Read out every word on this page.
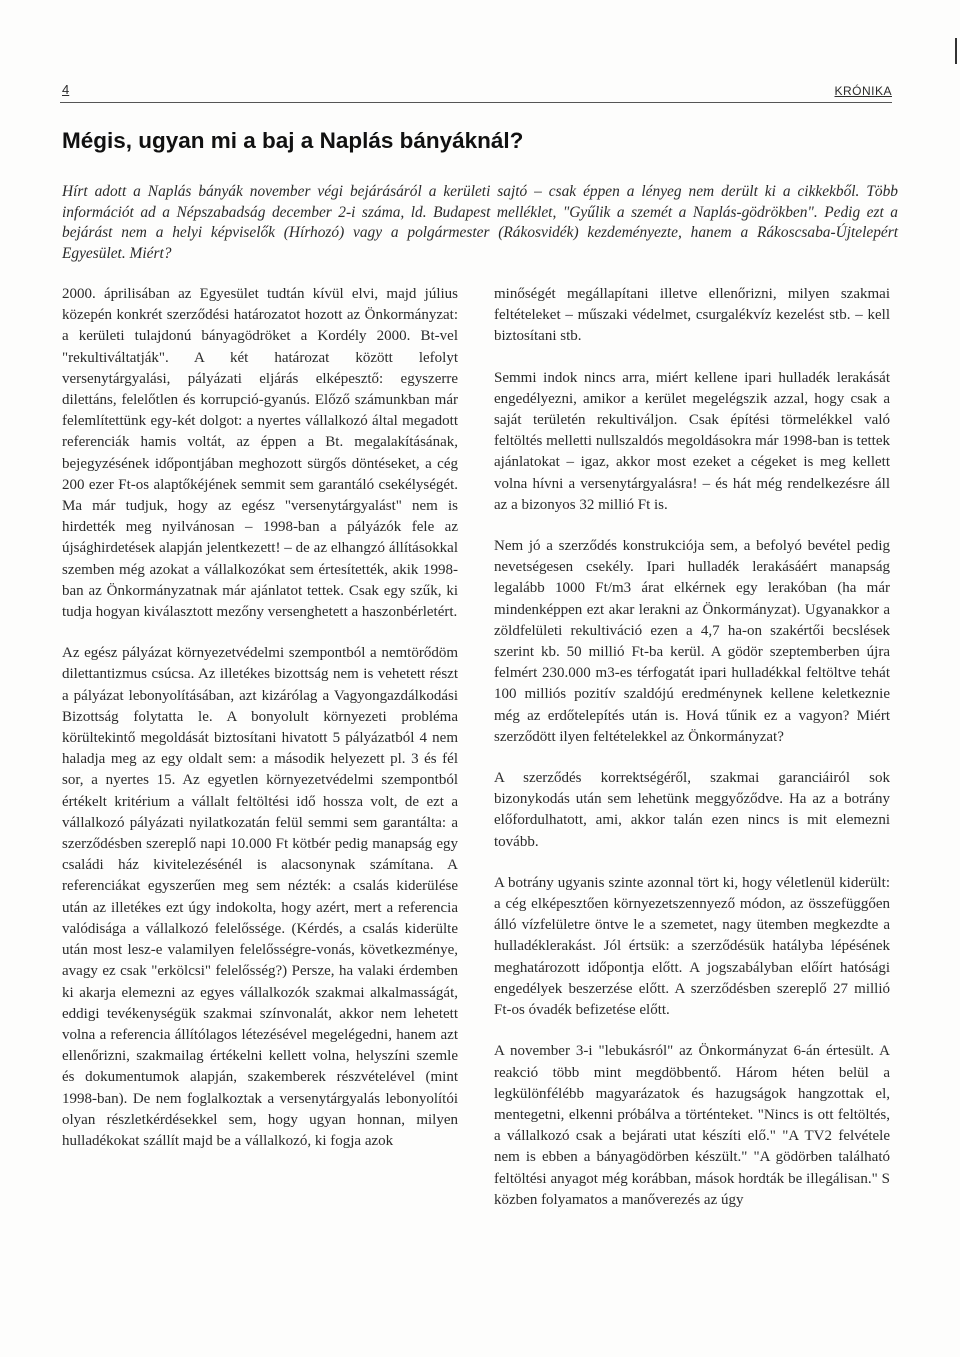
4	KRÓNIKA
Mégis, ugyan mi a baj a Naplás bányáknál?

Hírt adott a Naplás bányák november végi bejárásáról a kerületi sajtó – csak éppen a lényeg nem derült ki a cikkekből. Több információt ad a Népszabadság december 2-i száma, ld. Budapest melléklet, "Gyűlik a szemét a Naplás-gödrökben". Pedig ezt a bejárást nem a helyi képviselők (Hírhozó) vagy a polgármester (Rákosvidék) kezdeményezte, hanem a Rákoscsaba-Újtelepért Egyesület. Miért?

2000. áprilisában az Egyesület tudtán kívül elvi, majd július közepén konkrét szerződési határozatot hozott az Önkormányzat: a kerületi tulajdonú bányagödröket a Kordély 2000. Bt-vel "rekultiváltatják". A két határozat között lefolyt versenytárgyalási, pályázati eljárás elképesztő: egyszerre dilettáns, felelőtlen és korrupció-gyanús. Előző számunkban már felemlítettünk egy-két dolgot: a nyertes vállalkozó által megadott referenciák hamis voltát, az éppen a Bt. megalakításának, bejegyzésének időpontjában meghozott sürgős döntéseket, a cég 200 ezer Ft-os alaptőkéjének semmit sem garantáló csekélységét. Ma már tudjuk, hogy az egész "versenytárgyalást" nem is hirdették meg nyilvánosan – 1998-ban a pályázók fele az újsághirdetések alapján jelentkezett! – de az elhangzó állításokkal szemben még azokat a vállalkozókat sem értesítették, akik 1998-ban az Önkormányzatnak már ajánlatot tettek. Csak egy szűk, ki tudja hogyan kiválasztott mezőny versenghetett a haszonbérletért.

Az egész pályázat környezetvédelmi szempontból a nemtörődöm dilettantizmus csúcsa. Az illetékes bizottság nem is vehetett részt a pályázat lebonyolításában, azt kizárólag a Vagyongazdálkodási Bizottság folytatta le. A bonyolult környezeti probléma körültekintő megoldását biztosítani hivatott 5 pályázatból 4 nem haladja meg az egy oldalt sem: a második helyezett pl. 3 és fél sor, a nyertes 15. Az egyetlen környezetvédelmi szempontból értékelt kritérium a vállalt feltöltési idő hossza volt, de ezt a vállalkozó pályázati nyilatkozatán felül semmi sem garantálta: a szerződésben szereplő napi 10.000 Ft kötbér pedig manapság egy családi ház kivitelezésénél is alacsonynak számítana. A referenciákat egyszerűen meg sem nézték: a csalás kiderülése után az illetékes ezt úgy indokolta, hogy azért, mert a referencia valódisága a vállalkozó felelőssége. (Kérdés, a csalás kiderülte után most lesz-e valamilyen felelősségre-vonás, következménye, avagy ez csak "erkölcsi" felelősség?) Persze, ha valaki érdemben ki akarja elemezni az egyes vállalkozók szakmai alkalmasságát, eddigi tevékenységük szakmai színvonalát, akkor nem lehetett volna a referencia állítólagos létezésével megelégedni, hanem azt ellenőrizni, szakmailag értékelni kellett volna, helyszíni szemle és dokumentumok alapján, szakemberek részvételével (mint 1998-ban). De nem foglalkoztak a versenytárgyalás lebonyolítói olyan részletkérdésekkel sem, hogy ugyan honnan, milyen hulladékokat szállít majd be a vállalkozó, ki fogja azok

minőségét megállapítani illetve ellenőrizni, milyen szakmai feltételeket – műszaki védelmet, csurgalékvíz kezelést stb. – kell biztosítani stb.

Semmi indok nincs arra, miért kellene ipari hulladék lerakását engedélyezni, amikor a kerület megelégszik azzal, hogy csak a saját területén rekultiváljon. Csak építési törmelékkel való feltöltés melletti nullszaldós megoldásokra már 1998-ban is tettek ajánlatokat – igaz, akkor most ezeket a cégeket is meg kellett volna hívni a versenytárgyalásra! – és hát még rendelkezésre áll az a bizonyos 32 millió Ft is.

Nem jó a szerződés konstrukciója sem, a befolyó bevétel pedig nevetségesen csekély. Ipari hulladék lerakásáért manapság legalább 1000 Ft/m3 árat elkérnek egy lerakóban (ha már mindenképpen ezt akar lerakni az Önkormányzat). Ugyanakkor a zöldfelületi rekultiváció ezen a 4,7 ha-on szakértői becslések szerint kb. 50 millió Ft-ba kerül. A gödör szeptemberben újra felmért 230.000 m3-es térfogatát ipari hulladékkal feltöltve tehát 100 milliós pozitív szaldójú eredménynek kellene keletkeznie még az erdőtelepítés után is. Hová tűnik ez a vagyon? Miért szerződött ilyen feltételekkel az Önkormányzat?

A szerződés korrektségéről, szakmai garanciáiról sok bizonykodás után sem lehetünk meggyőződve. Ha az a botrány előfordulhatott, ami, akkor talán ezen nincs is mit elemezni tovább.

A botrány ugyanis szinte azonnal tört ki, hogy véletlenül kiderült: a cég elképesztően környezetszennyező módon, az összefüggően álló vízfelületre öntve le a szemetet, nagy ütemben megkezdte a hulladéklerakást. Jól értsük: a szerződésük hatályba lépésének meghatározott időpontja előtt. A jogszabályban előírt hatósági engedélyek beszerzése előtt. A szerződésben szereplő 27 millió Ft-os óvadék befizetése előtt.

A november 3-i "lebukásról" az Önkormányzat 6-án értesült. A reakció több mint megdöbbentő. Három héten belül a legkülönfélébb magyarázatok és hazugságok hangzottak el, mentegetni, elkenni próbálva a történteket. "Nincs is ott feltöltés, a vállalkozó csak a bejárati utat készíti elő." "A TV2 felvétele nem is ebben a bányagödörben készült." "A gödörben található feltöltési anyagot még korábban, mások hordták be illegálisan." S közben folyamatos a manőverezés az úgy
